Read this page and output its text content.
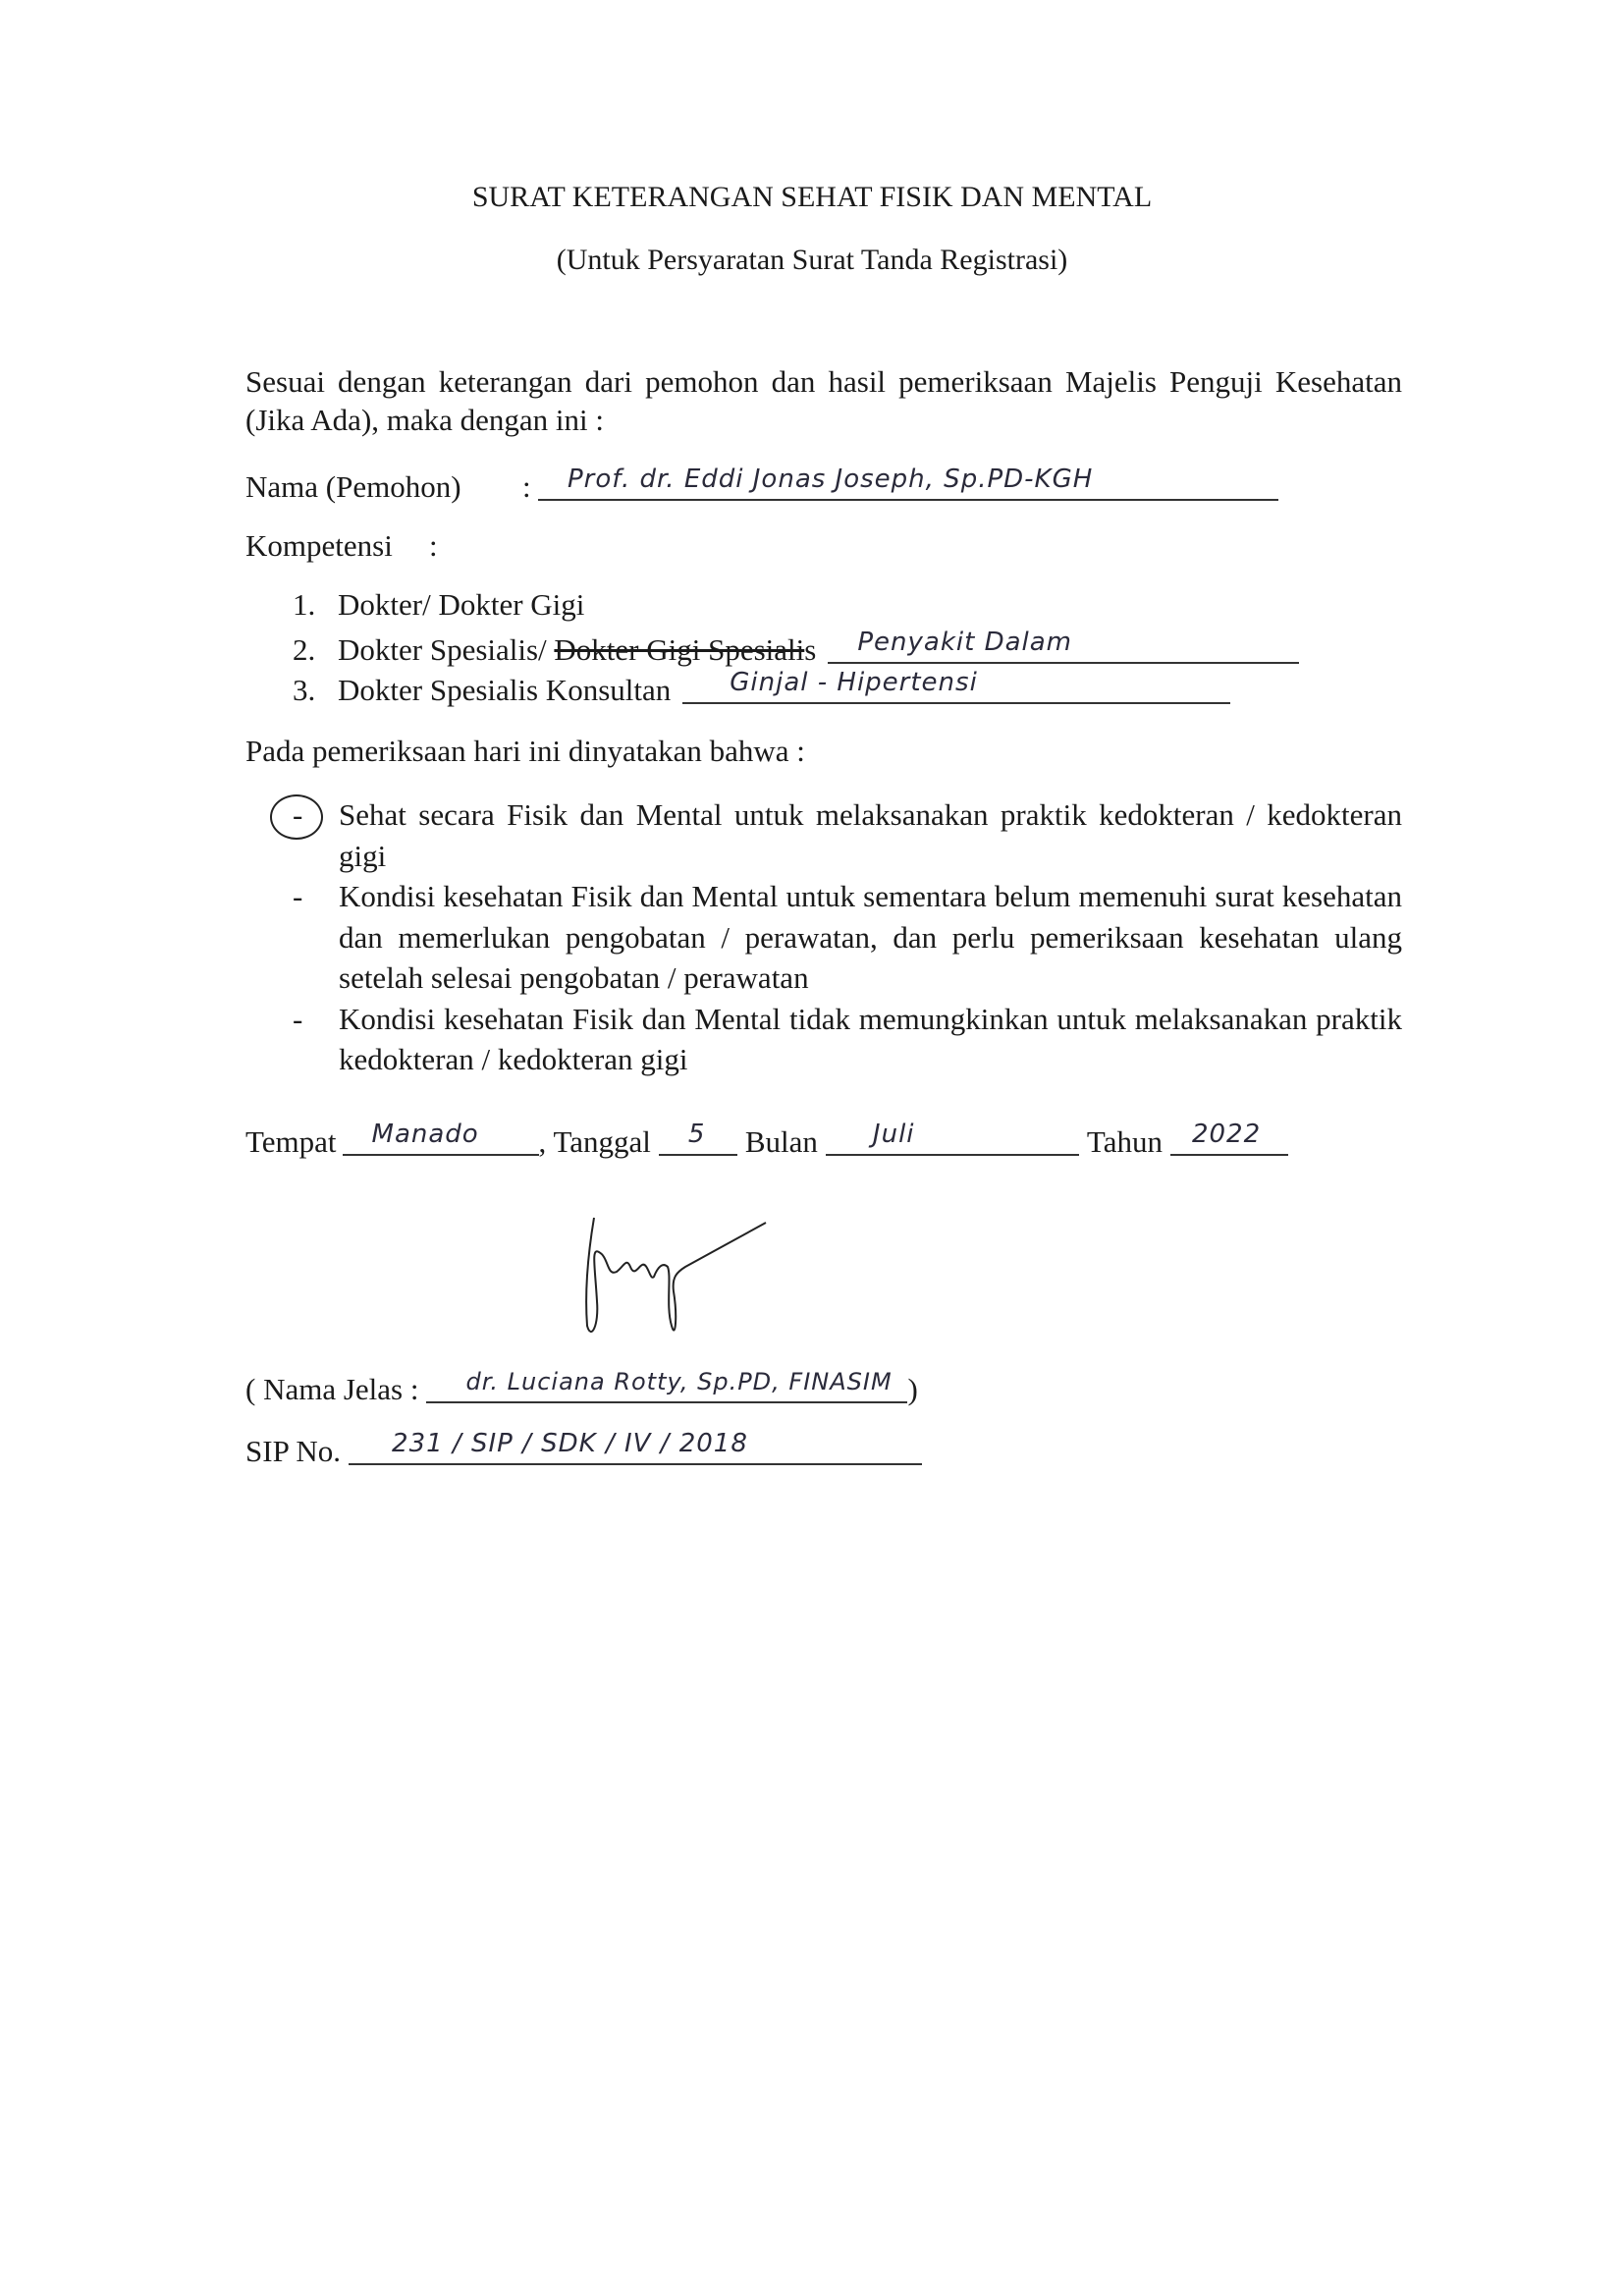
SURAT KETERANGAN SEHAT FISIK DAN MENTAL
(Untuk Persyaratan Surat Tanda Registrasi)
Sesuai dengan keterangan dari pemohon dan hasil pemeriksaan Majelis Penguji Kesehatan
(Jika Ada), maka dengan ini :
Nama (Pemohon)	:	Prof. dr. Eddi Jonas Joseph, Sp.PD-KGH
Kompetensi :
1. Dokter/ Dokter Gigi
2. Dokter Spesialis/ Dokter Gigi Spesiali s	Penyakit Dalam
3. Dokter Spesialis Konsultan	Ginjal - Hipertensi
Pada pemeriksaan hari ini dinyatakan bahwa :
-	Sehat secara Fisik dan Mental untuk melaksanakan praktik kedokteran / kedokteran gigi
-	Kondisi kesehatan Fisik dan Mental untuk sementara belum memenuhi surat kesehatan dan memerlukan pengobatan / perawatan, dan perlu pemeriksaan kesehatan ulang setelah selesai pengobatan / perawatan
-	Kondisi kesehatan Fisik dan Mental tidak memungkinkan untuk melaksanakan praktik kedokteran / kedokteran gigi
Tempat	Manado	, Tanggal	5	Bulan	Juli	Tahun	2022
( Nama Jelas :	dr. Luciana Rotty, Sp.PD, FINASIM )
SIP No.	231 / SIP / SDK / IV / 2018
